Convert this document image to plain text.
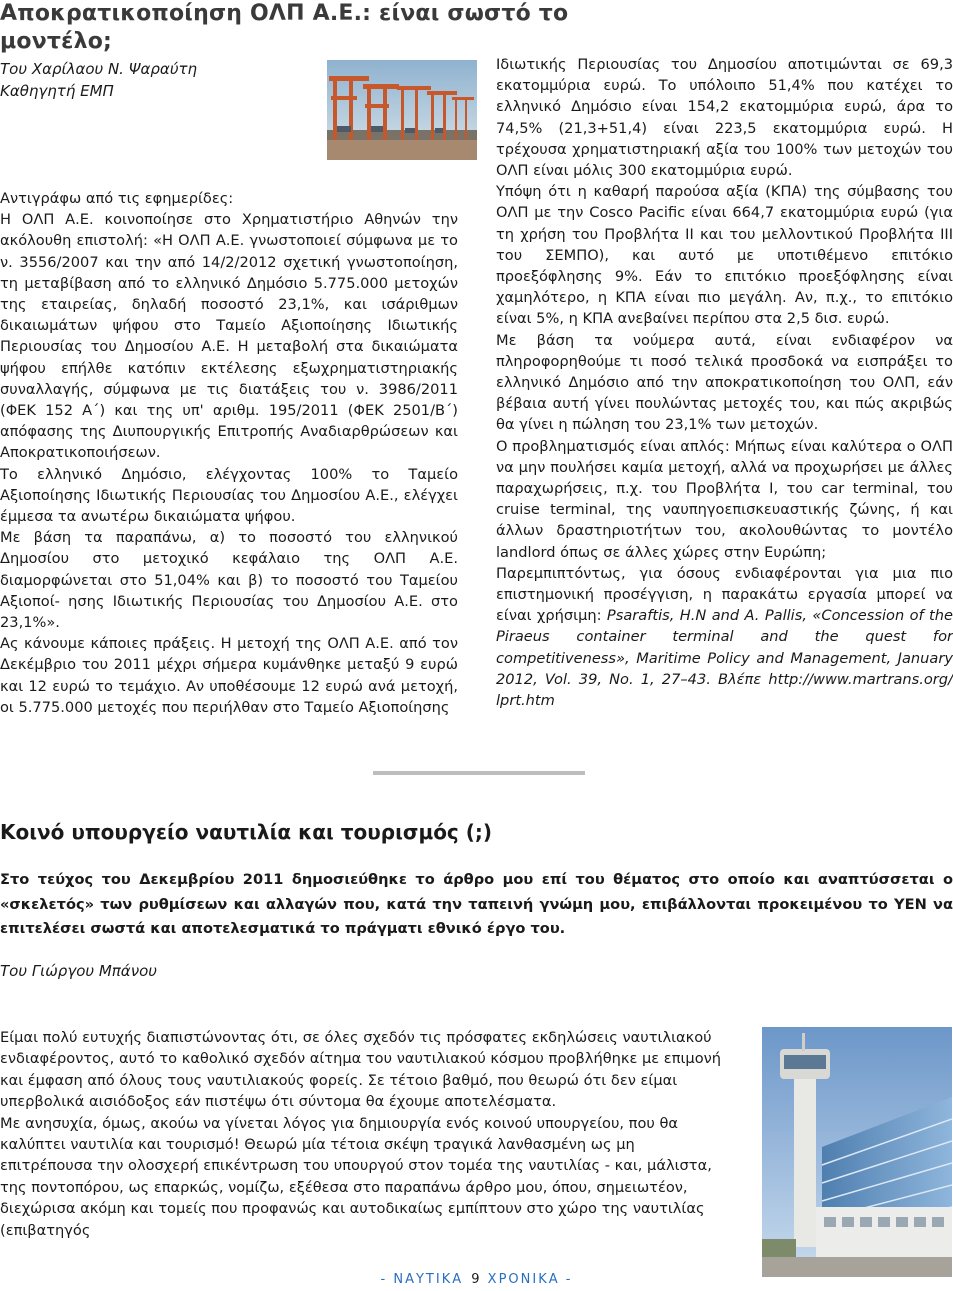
Αποκρατικοποίηση ΟΛΠ Α.Ε.: είναι σωστό το μοντέλο;
Του Χαρίλαου Ν. Ψαραύτη
Καθηγητή ΕΜΠ

Αντιγράφω από τις εφημερίδες:

Η ΟΛΠ Α.Ε. κοινοποίησε στο Χρηματιστήριο Αθηνών την ακόλουθη επιστολή: «Η ΟΛΠ Α.Ε. γνωστοποιεί σύμφωνα με το ν. 3556/2007 και την από 14/2/2012 σχετική γνωστοποίηση, τη μεταβίβαση από το ελληνικό Δημόσιο 5.775.000 μετοχών της εταιρείας, δηλαδή ποσοστό 23,1%, και ισάριθμων δικαιωμάτων ψήφου στο Ταμείο Αξιοποίησης Ιδιωτικής Περιουσίας του Δημοσίου Α.Ε. Η μεταβολή στα δικαιώματα ψήφου επήλθε κατόπιν εκτέλεσης εξωχρηματιστηριακής συναλλαγής, σύμφωνα με τις διατάξεις του ν. 3986/2011 (ΦΕΚ 152 Α΄) και της υπ' αριθμ. 195/2011 (ΦΕΚ 2501/Β΄) απόφασης της Διυπουργικής Επιτροπής Αναδιαρθρώσεων και Αποκρατικοποιήσεων.

Το ελληνικό Δημόσιο, ελέγχοντας 100% το Ταμείο Αξιοποίησης Ιδιωτικής Περιουσίας του Δημοσίου Α.Ε., ελέγχει έμμεσα τα ανωτέρω δικαιώματα ψήφου.

Με βάση τα παραπάνω, α) το ποσοστό του ελληνικού Δημοσίου στο μετοχικό κεφάλαιο της ΟΛΠ Α.Ε. διαμορφώνεται στο 51,04% και β) το ποσοστό του Ταμείου Αξιοποί- ησης Ιδιωτικής Περιουσίας του Δημοσίου Α.Ε. στο 23,1%».

Ας κάνουμε κάποιες πράξεις. Η μετοχή της ΟΛΠ Α.Ε. από τον Δεκέμβριο του 2011 μέχρι σήμερα κυμάνθηκε μεταξύ 9 ευρώ και 12 ευρώ το τεμάχιο. Αν υποθέσουμε 12 ευρώ ανά μετοχή, οι 5.775.000 μετοχές που περιήλθαν στο Ταμείο Αξιοποίησης

Ιδιωτικής Περιουσίας του Δημοσίου αποτιμώνται σε 69,3 εκατομμύρια ευρώ. Το υπόλοιπο 51,4% που κατέχει το ελληνικό Δημόσιο είναι 154,2 εκατομμύρια ευρώ, άρα το 74,5% (21,3+51,4) είναι 223,5 εκατομμύρια ευρώ. Η τρέχουσα χρηματιστηριακή αξία του 100% των μετοχών του ΟΛΠ είναι μόλις 300 εκατομμύρια ευρώ.

Υπόψη ότι η καθαρή παρούσα αξία (ΚΠΑ) της σύμβασης του ΟΛΠ με την Cosco Pacific είναι 664,7 εκατομμύρια ευρώ (για τη χρήση του Προβλήτα ΙΙ και του μελλοντικού Προβλήτα ΙΙΙ του ΣΕΜΠΟ), και αυτό με υποτιθέμενο επιτόκιο προεξόφλησης 9%. Εάν το επιτόκιο προεξόφλησης είναι χαμηλότερο, η ΚΠΑ είναι πιο μεγάλη. Αν, π.χ., το επιτόκιο είναι 5%, η ΚΠΑ ανεβαίνει περίπου στα 2,5 δισ. ευρώ.

Με βάση τα νούμερα αυτά, είναι ενδιαφέρον να πληροφορηθούμε τι ποσό τελικά προσδοκά να εισπράξει το ελληνικό Δημόσιο από την αποκρατικοποίηση του ΟΛΠ, εάν βέβαια αυτή γίνει πουλώντας μετοχές του, και πώς ακριβώς θα γίνει η πώληση του 23,1% των μετοχών.

Ο προβληματισμός είναι απλός: Μήπως είναι καλύτερα ο ΟΛΠ να μην πουλήσει καμία μετοχή, αλλά να προχωρήσει με άλλες παραχωρήσεις, π.χ. του Προβλήτα Ι, του car terminal, του cruise terminal, της ναυπηγοεπισκευαστικής ζώνης, ή και άλλων δραστηριοτήτων του, ακολουθώντας το μοντέλο landlord όπως σε άλλες χώρες στην Ευρώπη;

Παρεμπιπτόντως, για όσους ενδιαφέρονται για μια πιο επιστημονική προσέγγιση, η παρακάτω εργασία μπορεί να είναι χρήσιμη: Psaraftis, H.N and A. Pallis, «Concession of the Piraeus container terminal and the quest for competitiveness», Maritime Policy and Management, January 2012, Vol. 39, No. 1, 27–43. Βλέπε http://www.martrans.org/ lprt.htm

Κοινό υπουργείο ναυτιλία και τουρισμός (;)
Στο τεύχος του Δεκεμβρίου 2011 δημοσιεύθηκε το άρθρο μου επί του θέματος στο οποίο και αναπτύσσεται ο «σκελετός» των ρυθμίσεων και αλλαγών που, κατά την ταπεινή γνώμη μου, επιβάλλονται προκειμένου το ΥΕΝ να επιτελέσει σωστά και αποτελεσματικά το πράγματι εθνικό έργο του.
Του Γιώργου Μπάνου

Είμαι πολύ ευτυχής διαπιστώνοντας ότι, σε όλες σχεδόν τις πρόσφατες εκδηλώσεις ναυτιλιακού ενδιαφέροντος, αυτό το καθολικό σχεδόν αίτημα του ναυτιλιακού κόσμου προβλήθηκε με επιμονή και έμφαση από όλους τους ναυτιλιακούς φορείς. Σε τέτοιο βαθμό, που θεωρώ ότι δεν είμαι υπερβολικά αισιόδοξος εάν πιστέψω ότι σύντομα θα έχουμε αποτελέσματα.

Με ανησυχία, όμως, ακούω να γίνεται λόγος για δημιουργία ενός κοινού υπουργείου, που θα καλύπτει ναυτιλία και τουρισμό! Θεωρώ μία τέτοια σκέψη τραγικά λανθασμένη ως μη επιτρέπουσα την ολοσχερή επικέντρωση του υπουργού στον τομέα της ναυτιλίας - και, μάλιστα, της ποντοπόρου, ως επαρκώς, νομίζω, εξέθεσα στο παραπάνω άρθρο μου, όπου, σημειωτέον, διεχώρισα ακόμη και τομείς που προφανώς και αυτοδικαίως εμπίπτουν στο χώρο της ναυτιλίας (επιβατηγός

- ΝΑΥΤΙΚΑ 9 ΧΡΟΝΙΚΑ -
